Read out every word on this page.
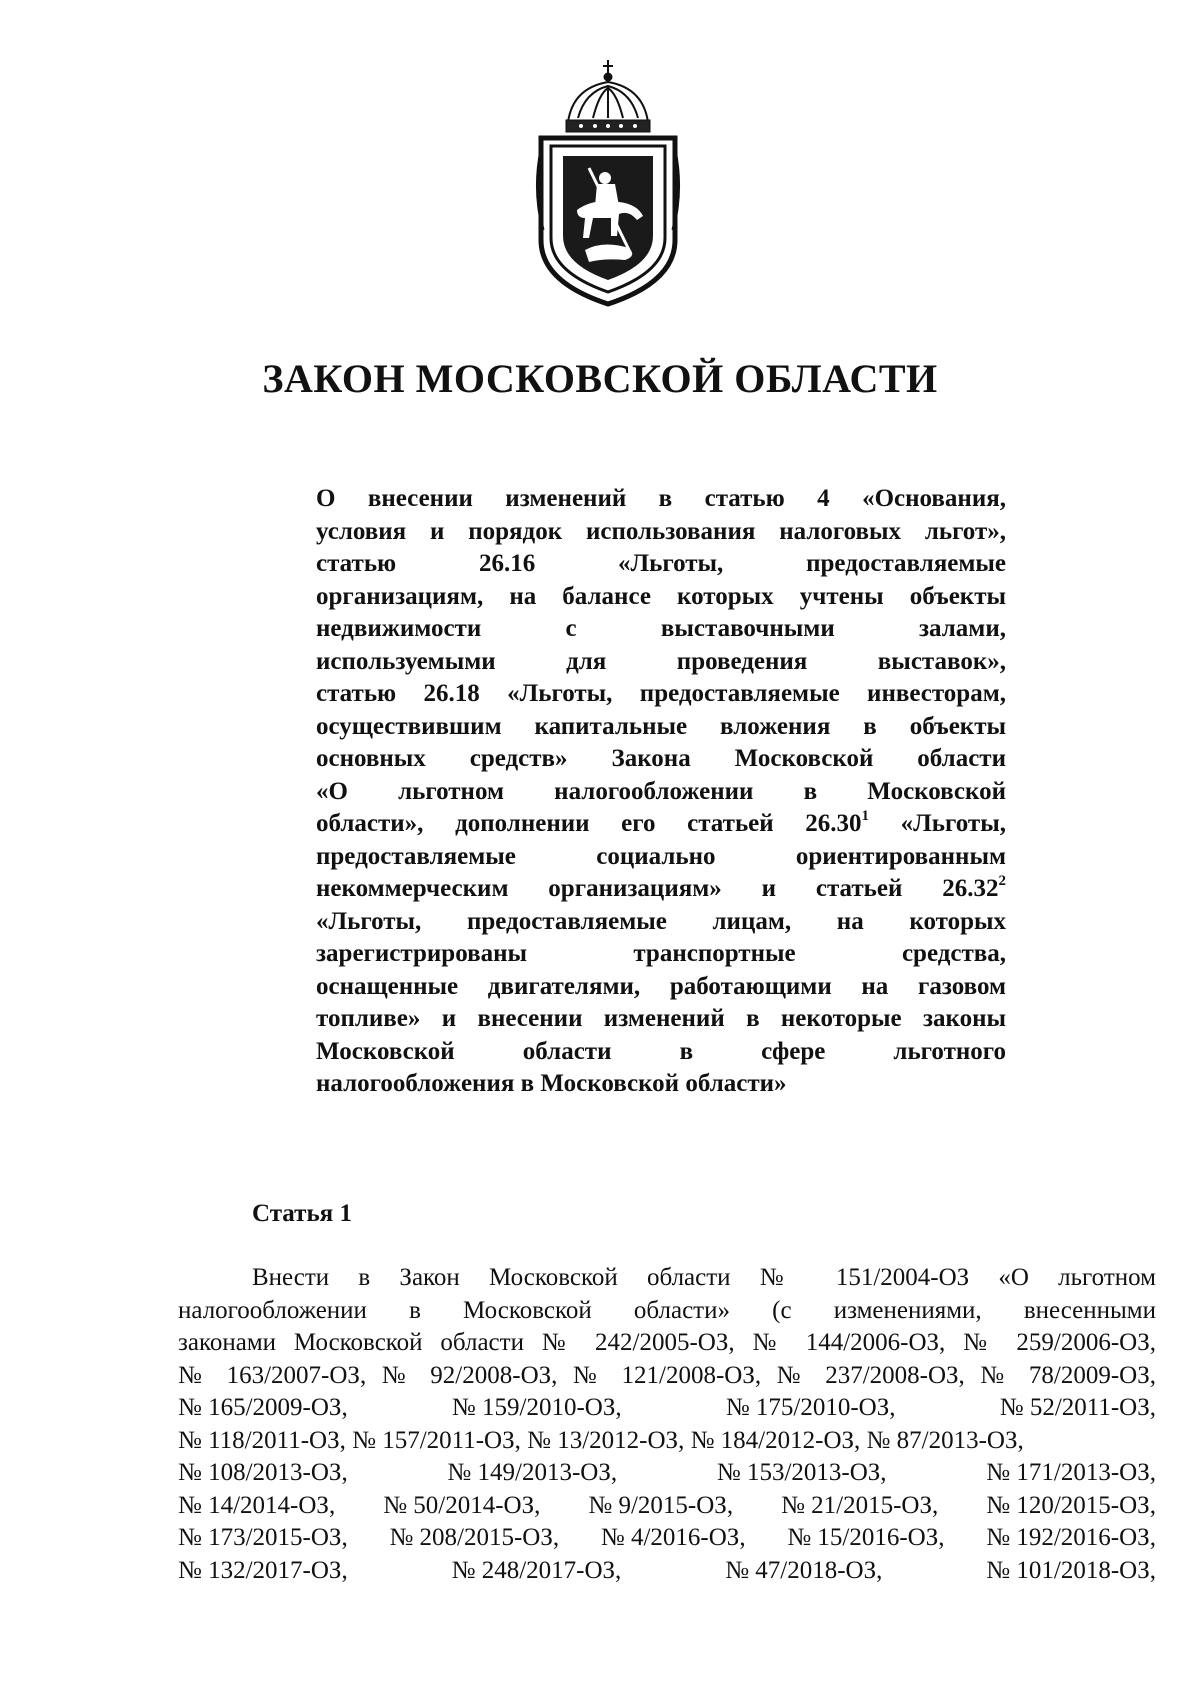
ЗАКОН МОСКОВСКОЙ ОБЛАСТИ
О внесении изменений в статью 4 «Основания,
условия и порядок использования налоговых льгот»,
статью 26.16 «Льготы, предоставляемые
организациям, на балансе которых учтены объекты
недвижимости с выставочными залами,
используемыми для проведения выставок»,
статью 26.18 «Льготы, предоставляемые инвесторам,
осуществившим капитальные вложения в объекты
основных средств» Закона Московской области
«О льготном налогообложении в Московской
области», дополнении его статьей 26.30$^1$ «Льготы,
предоставляемые социально ориентированным
некоммерческим организациям» и статьей 26.32$^2$
«Льготы, предоставляемые лицам, на которых
зарегистрированы транспортные средства,
оснащенные двигателями, работающими на газовом
топливе» и внесении изменений в некоторые законы
Московской области в сфере льготного
налогообложения в Московской области»
Статья 1
Внести в Закон Московской области № 151/2004-ОЗ «О льготном
налогообложении в Московской области» (с изменениями, внесенными
законами Московской области № 242/2005-ОЗ, № 144/2006-ОЗ, № 259/2006-ОЗ,
№ 163/2007-ОЗ, № 92/2008-ОЗ, № 121/2008-ОЗ, № 237/2008-ОЗ, № 78/2009-ОЗ,
№ 165/2009-ОЗ,	№ 159/2010-ОЗ,	№ 175/2010-ОЗ,	№ 52/2011-ОЗ,
№ 118/2011-ОЗ, № 157/2011-ОЗ, № 13/2012-ОЗ, № 184/2012-ОЗ, № 87/2013-ОЗ,
№ 108/2013-ОЗ,	№ 149/2013-ОЗ,	№ 153/2013-ОЗ,	№ 171/2013-ОЗ,
№ 14/2014-ОЗ, № 50/2014-ОЗ, № 9/2015-ОЗ, № 21/2015-ОЗ, № 120/2015-ОЗ,
№ 173/2015-ОЗ, № 208/2015-ОЗ, № 4/2016-ОЗ, № 15/2016-ОЗ, № 192/2016-ОЗ,
№ 132/2017-ОЗ,	№ 248/2017-ОЗ,	№ 47/2018-ОЗ,	№ 101/2018-ОЗ,
